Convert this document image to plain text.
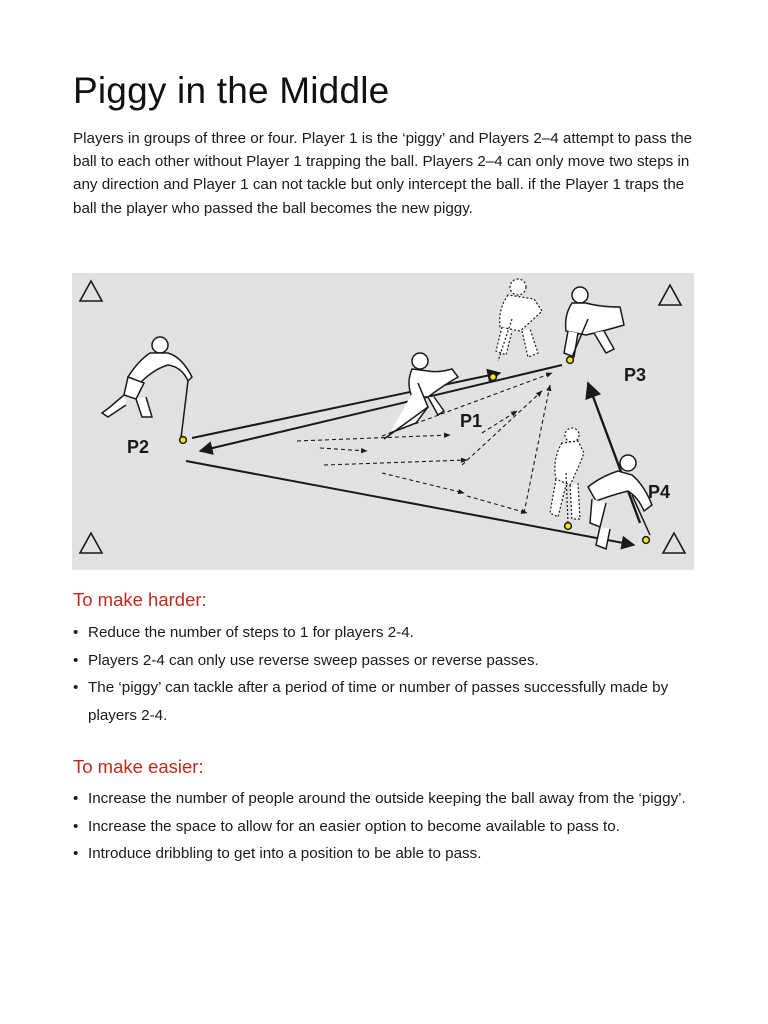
Piggy in the Middle

Players in groups of three or four. Player 1 is the ‘piggy’ and Players 2–4 attempt to pass the ball to each other without Player 1 trapping the ball. Players 2–4 can only move two steps in any direction and Player 1 can not tackle but only intercept the ball. if the Player 1 traps the ball the player who passed the ball becomes the new piggy.

P2
P1
P3
P4
To make harder:
• Reduce the number of steps to 1 for players 2-4.
• Players 2-4 can only use reverse sweep passes or reverse passes.
• The ‘piggy’ can tackle after a period of time or number of passes successfully made by players 2-4.
To make easier:
• Increase the number of people around the outside keeping the ball away from the ‘piggy’.
• Increase the space to allow for an easier option to become available to pass to.
• Introduce dribbling to get into a position to be able to pass.
